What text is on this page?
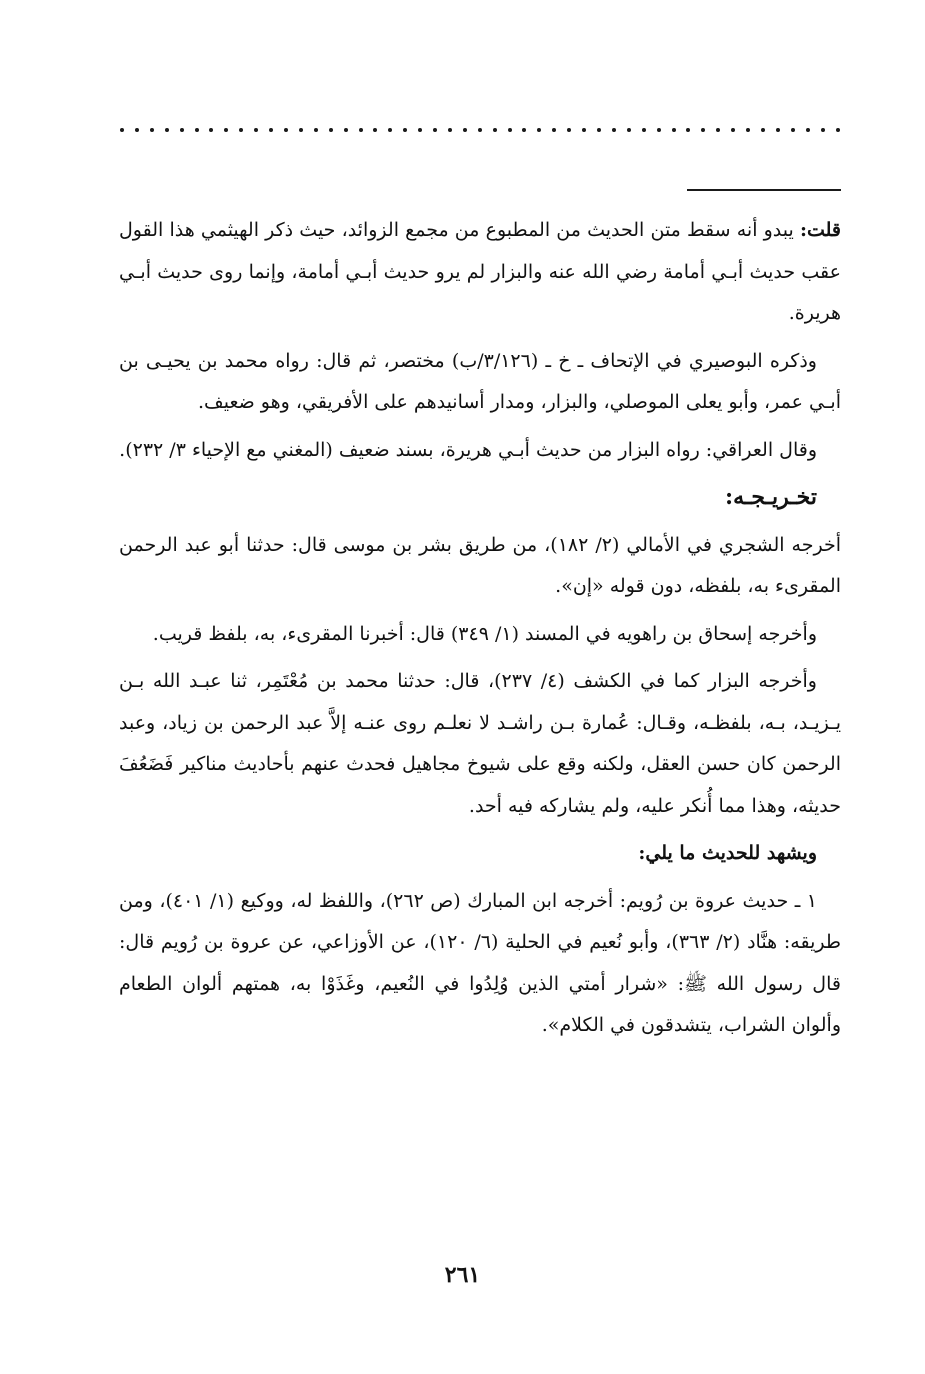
قلت: يبدو أنه سقط متن الحديث من المطبوع من مجمع الزوائد، حيث ذكر الهيثمي هذا القول عقب حديث أبـي أمامة رضي الله عنه والبزار لم يرو حديث أبـي أمامة، وإنما روى حديث أبـي هريرة.

وذكره البوصيري في الإتحاف ـ خ ـ (٣/١٢٦/ب) مختصر، ثم قال: رواه محمد بن يحيـى بن أبـي عمر، وأبو يعلى الموصلي، والبزار، ومدار أسانيدهم على الأفريقي، وهو ضعيف.

وقال العراقي: رواه البزار من حديث أبـي هريرة، بسند ضعيف (المغني مع الإحياء ٣/ ٢٣٢).

تخـريـجـه:

أخرجه الشجري في الأمالي (٢/ ١٨٢)، من طريق بشر بن موسى قال: حدثنا أبو عبد الرحمن المقرىء به، بلفظه، دون قوله «إن».

وأخرجه إسحاق بن راهويه في المسند (١/ ٣٤٩) قال: أخبرنا المقرىء، به، بلفظ قريب.

وأخرجه البزار كما في الكشف (٤/ ٢٣٧)، قال: حدثنا محمد بن مُعْتَمِر، ثنا عبـد الله بـن يـزيـد، بـه، بلفظـه، وقـال: عُمارة بـن راشـد لا نعلـم روى عنـه إلاَّ عبد الرحمن بن زياد، وعبد الرحمن كان حسن العقل، ولكنه وقع على شيوخ مجاهيل فحدث عنهم بأحاديث مناكير فَضَعُفَ حديثه، وهذا مما أُنكر عليه، ولم يشاركه فيه أحد.

ويشهد للحديث ما يلي:

١ ـ حديث عروة بن رُويم: أخرجه ابن المبارك (ص ٢٦٢)، واللفظ له، ووكيع (١/ ٤٠١)، ومن طريقه: هنَّاد (٢/ ٣٦٣)، وأبو نُعيم في الحلية (٦/ ١٢٠)، عن الأوزاعي، عن عروة بن رُويم قال: قال رسول الله ﷺ: «شرار أمتي الذين وُلِدُوا في النُعيم، وغَذَوْا به، همتهم ألوان الطعام وألوان الشراب، يتشدقون في الكلام».

٢٦١
